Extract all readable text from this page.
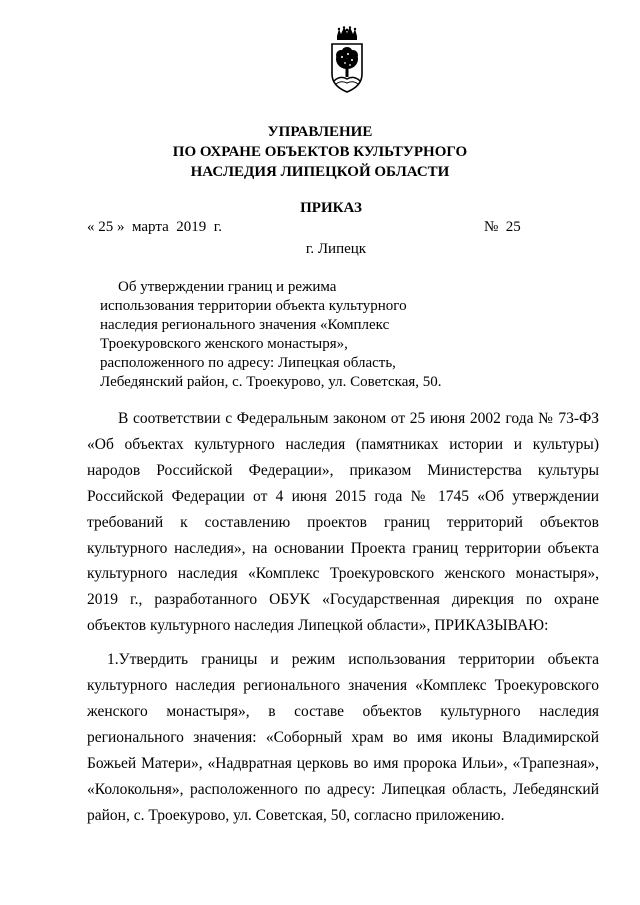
УПРАВЛЕНИЕ
ПО ОХРАНЕ ОБЪЕКТОВ КУЛЬТУРНОГО
НАСЛЕДИЯ ЛИПЕЦКОЙ ОБЛАСТИ
ПРИКАЗ
« 25 »  марта  2019  г.	№  25
г. Липецк
Об утверждении границ и режима
использования территории объекта культурного
наследия регионального значения «Комплекс
Троекуровского женского монастыря»,
расположенного по адресу: Липецкая область,
Лебедянский район, с. Троекурово, ул. Советская, 50.

В соответствии с Федеральным законом от 25 июня 2002 года № 73-ФЗ «Об объектах культурного наследия (памятниках истории и культуры) народов Российской Федерации», приказом Министерства культуры Российской Федерации от 4 июня 2015 года № 1745 «Об утверждении требований к составлению проектов границ территорий объектов культурного наследия», на основании Проекта границ территории объекта культурного наследия «Комплекс Троекуровского женского монастыря», 2019 г., разработанного ОБУК «Государственная дирекция по охране объектов культурного наследия Липецкой области», ПРИКАЗЫВАЮ:

1.Утвердить границы и режим использования территории объекта культурного наследия регионального значения «Комплекс Троекуровского женского монастыря», в составе объектов культурного наследия регионального значения: «Соборный храм во имя иконы Владимирской Божьей Матери», «Надвратная церковь во имя пророка Ильи», «Трапезная», «Колокольня», расположенного по адресу: Липецкая область, Лебедянский район, с. Троекурово, ул. Советская, 50, согласно приложению.
